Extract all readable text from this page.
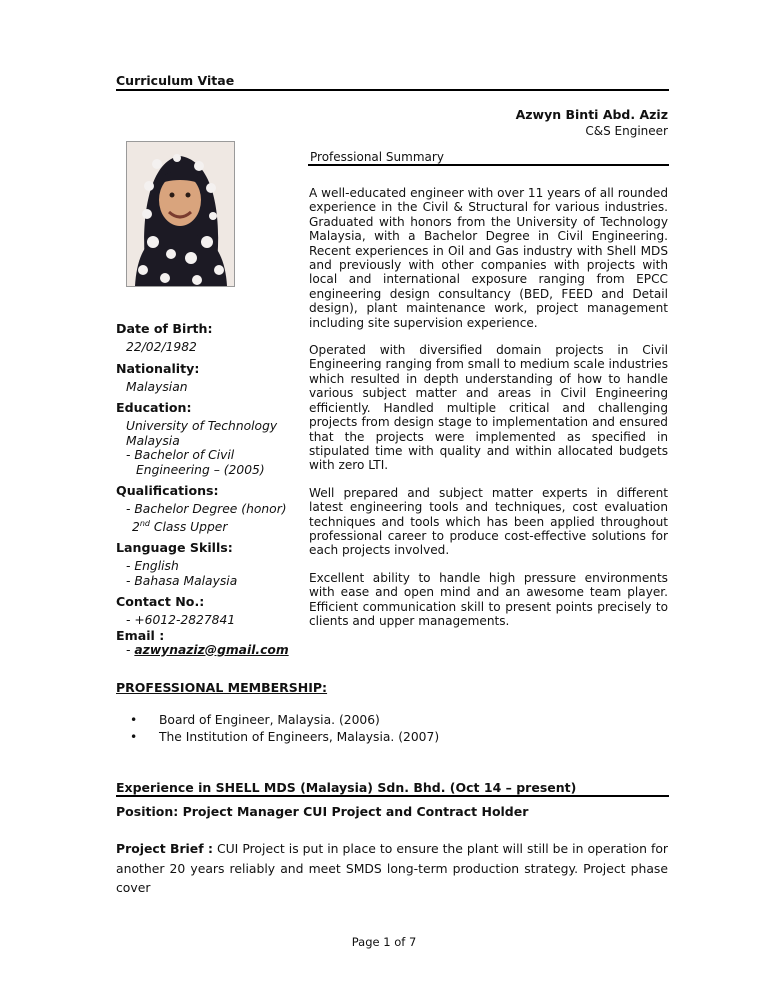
Curriculum Vitae
Azwyn Binti Abd. Aziz
C&S Engineer
Professional Summary

A well-educated engineer with over 11 years of all rounded experience in the Civil & Structural for various industries. Graduated with honors from the University of Technology Malaysia, with a Bachelor Degree in Civil Engineering. Recent experiences in Oil and Gas industry with Shell MDS and previously with other companies with projects with local and international exposure ranging from EPCC engineering design consultancy (BED, FEED and Detail design), plant maintenance work, project management including site supervision experience.

Operated with diversified domain projects in Civil Engineering ranging from small to medium scale industries which resulted in depth understanding of how to handle various subject matter and areas in Civil Engineering efficiently. Handled multiple critical and challenging projects from design stage to implementation and ensured that the projects were implemented as specified in stipulated time with quality and within allocated budgets with zero LTI.

Well prepared and subject matter experts in different latest engineering tools and techniques, cost evaluation techniques and tools which has been applied throughout professional career to produce cost-effective solutions for each projects involved.

Excellent ability to handle high pressure environments with ease and open mind and an awesome team player. Efficient communication skill to present points precisely to clients and upper managements.

Date of Birth:
22/02/1982
Nationality:
Malaysian
Education:
University of Technology Malaysia
- Bachelor of Civil
Engineering – (2005)
Qualifications:
- Bachelor Degree (honor)
2nd Class Upper
Language Skills:
- English
- Bahasa Malaysia
Contact No.:
- +6012-2827841
Email :
- azwynaziz@gmail.com
PROFESSIONAL MEMBERSHIP:
• Board of Engineer, Malaysia. (2006)
• The Institution of Engineers, Malaysia. (2007)
Experience in SHELL MDS (Malaysia) Sdn. Bhd. (Oct 14 – present)
Position: Project Manager CUI Project and Contract Holder
Project Brief : CUI Project is put in place to ensure the plant will still be in operation for another 20 years reliably and meet SMDS long-term production strategy. Project phase cover
Page 1 of 7
